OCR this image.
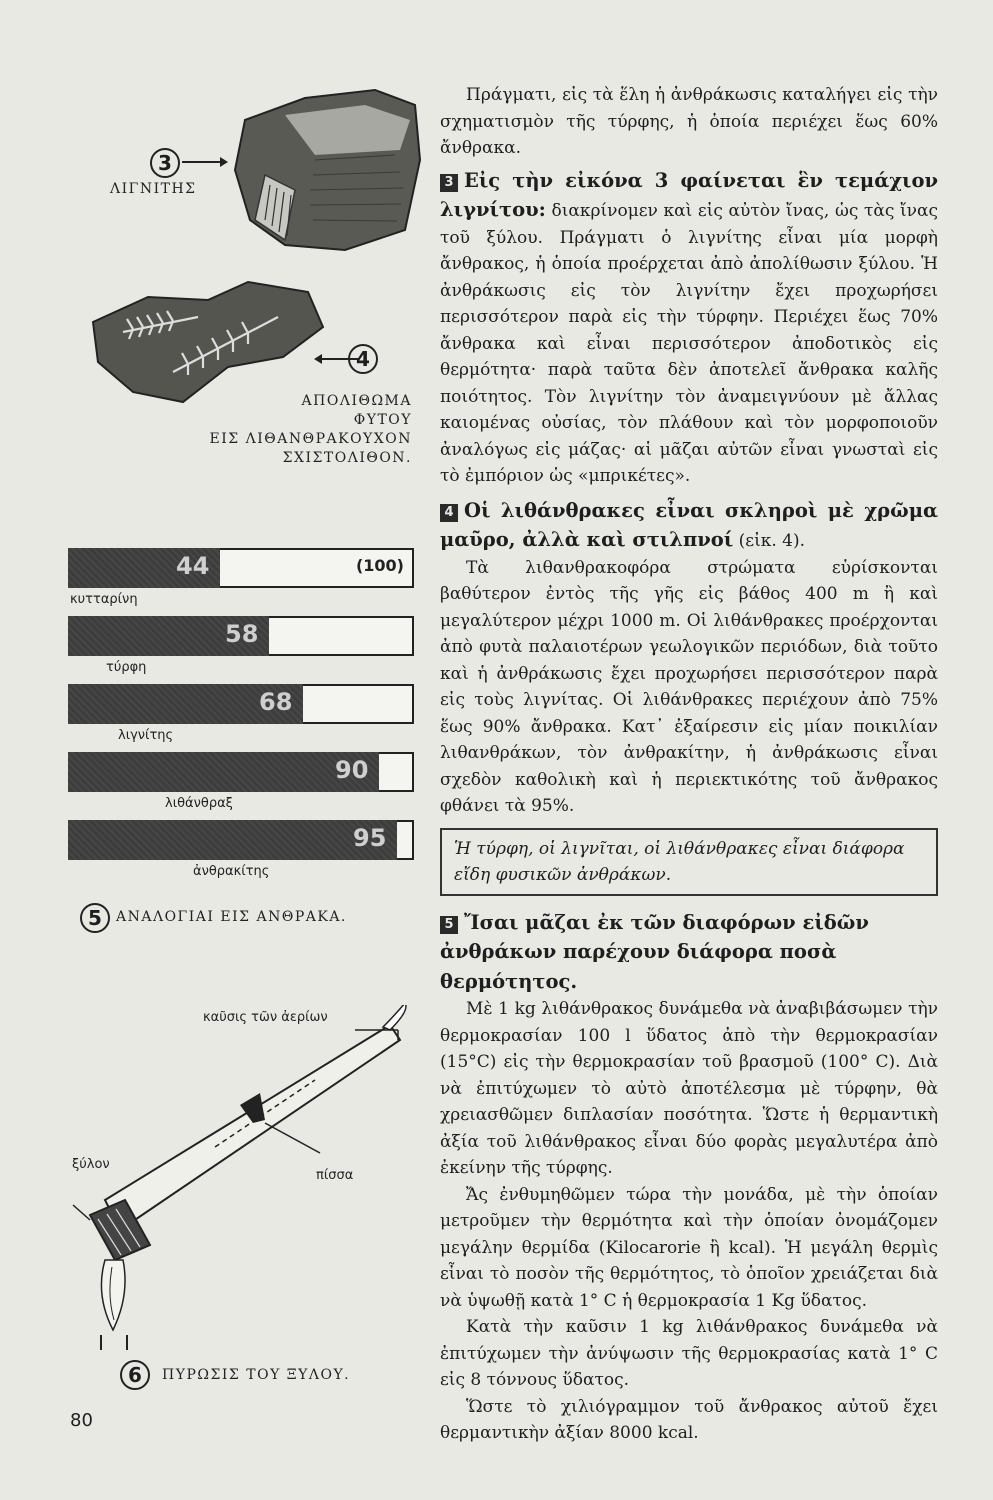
3
ΛΙΓΝΙΤΗΣ
4
ΑΠΟΛΙΘΩΜΑ
ΦΥΤΟΥ
ΕΙΣ ΛΙΘΑΝΘΡΑΚΟΥΧΟΝ
ΣΧΙΣΤΟΛΙΘΟΝ.
44	(100)
κυτταρίνη
58
τύρφη
68
λιγνίτης
90
λιθάνθραξ
95
ἀνθρακίτης
5	ΑΝΑΛΟΓΙΑΙ ΕΙΣ ΑΝΘΡΑΚΑ.
καῦσις τῶν ἀερίων
ξύλον
πίσσα
6	ΠΥΡΩΣΙΣ ΤΟΥ ΞΥΛΟΥ.
80

Πράγματι, εἰς τὰ ἕλη ἡ ἀνθράκωσις καταλήγει εἰς τὴν σχηματισμὸν τῆς τύρφης, ἡ ὁποία περιέχει ἕως 60% ἄνθρακα.

3 Εἰς τὴν εἰκόνα 3 φαίνεται ἓν τεμάχιον λιγνίτου: διακρίνομεν καὶ εἰς αὐτὸν ἴνας, ὡς τὰς ἴνας τοῦ ξύλου. Πράγματι ὁ λιγνίτης εἶναι μία μορφὴ ἄνθρακος, ἡ ὁποία προέρχεται ἀπὸ ἀπολίθωσιν ξύλου. Ἡ ἀνθράκωσις εἰς τὸν λιγνίτην ἔχει προχωρήσει περισσότερον παρὰ εἰς τὴν τύρφην. Περιέχει ἕως 70% ἄνθρακα καὶ εἶναι περισσότερον ἀποδοτικὸς εἰς θερμότητα· παρὰ ταῦτα δὲν ἀποτελεῖ ἄνθρακα καλῆς ποιότητος. Τὸν λιγνίτην τὸν ἀναμειγνύουν μὲ ἄλλας καιομένας οὐσίας, τὸν πλάθουν καὶ τὸν μορφοποιοῦν ἀναλόγως εἰς μάζας· αἱ μᾶζαι αὐτῶν εἶναι γνωσταὶ εἰς τὸ ἐμπόριον ὡς «μπρικέτες».

4 Οἱ λιθάνθρακες εἶναι σκληροὶ μὲ χρῶμα μαῦρο, ἀλλὰ καὶ στιλπνοί (εἰκ. 4).

Τὰ λιθανθρακοφόρα στρώματα εὑρίσκονται βαθύτερον ἐντὸς τῆς γῆς εἰς βάθος 400 m ἢ καὶ μεγαλύτερον μέχρι 1000 m. Οἱ λιθάνθρακες προέρχονται ἀπὸ φυτὰ παλαιοτέρων γεωλογικῶν περιόδων, διὰ τοῦτο καὶ ἡ ἀνθράκωσις ἔχει προχωρήσει περισσότερον παρὰ εἰς τοὺς λιγνίτας. Οἱ λιθάνθρακες περιέχουν ἀπὸ 75% ἕως 90% ἄνθρακα. Κατ᾽ ἐξαίρεσιν εἰς μίαν ποικιλίαν λιθανθράκων, τὸν ἀνθρακίτην, ἡ ἀνθράκωσις εἶναι σχεδὸν καθολικὴ καὶ ἡ περιεκτικότης τοῦ ἄνθρακος φθάνει τὰ 95%.

Ἡ τύρφη, οἱ λιγνῖται, οἱ λιθάνθρακες εἶναι διάφορα εἴδη φυσικῶν ἀνθράκων.

5 Ἴσαι μᾶζαι ἐκ τῶν διαφόρων εἰδῶν ἀνθράκων παρέχουν διάφορα ποσὰ θερμότητος.

Μὲ 1 kg λιθάνθρακος δυνάμεθα νὰ ἀναβιβάσωμεν τὴν θερμοκρασίαν 100 l ὕδατος ἀπὸ τὴν θερμοκρασίαν (15°C) εἰς τὴν θερμοκρασίαν τοῦ βρασμοῦ (100° C). Διὰ νὰ ἐπιτύχωμεν τὸ αὐτὸ ἀποτέλεσμα μὲ τύρφην, θὰ χρειασθῶμεν διπλασίαν ποσότητα. Ὥστε ἡ θερμαντικὴ ἀξία τοῦ λιθάνθρακος εἶναι δύο φορὰς μεγαλυτέρα ἀπὸ ἐκείνην τῆς τύρφης.

Ἄς ἐνθυμηθῶμεν τώρα τὴν μονάδα, μὲ τὴν ὁποίαν μετροῦμεν τὴν θερμότητα καὶ τὴν ὁποίαν ὀνομάζομεν μεγάλην θερμίδα (Kilocarorie ἢ kcal). Ἡ μεγάλη θερμὶς εἶναι τὸ ποσὸν τῆς θερμότητος, τὸ ὁποῖον χρειάζεται διὰ νὰ ὑψωθῇ κατὰ 1° C ἡ θερμοκρασία 1 Kg ὕδατος.

Κατὰ τὴν καῦσιν 1 kg λιθάνθρακος δυνάμεθα νὰ ἐπιτύχωμεν τὴν ἀνύψωσιν τῆς θερμοκρασίας κατὰ 1° C εἰς 8 τόννους ὕδατος.

Ὥστε τὸ χιλιόγραμμον τοῦ ἄνθρακος αὐτοῦ ἔχει θερμαντικὴν ἀξίαν 8000 kcal.
